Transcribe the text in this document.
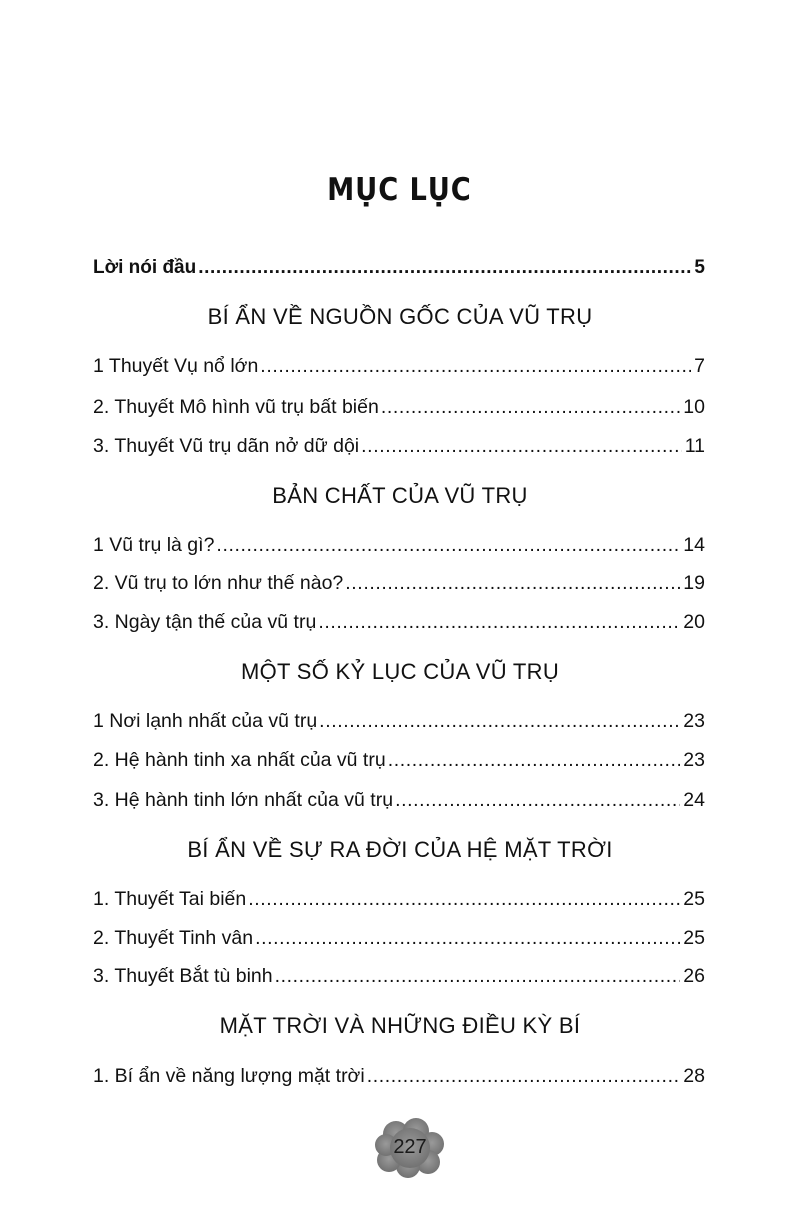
MỤC LỤC
Lời nói đầu .....	5
BÍ ẨN VỀ NGUỒN GỐC CỦA VŨ TRỤ
1 Thuyết Vụ nổ lớn .....	7
2. Thuyết Mô hình vũ trụ bất biến .....	10
3. Thuyết Vũ trụ dãn nở dữ dội .....	11
BẢN CHẤT CỦA VŨ TRỤ
1 Vũ trụ là gì? .....	14
2. Vũ trụ to lớn như thế nào? .....	19
3. Ngày tận thế của vũ trụ .....	20
MỘT SỐ KỶ LỤC CỦA VŨ TRỤ
1 Nơi lạnh nhất của vũ trụ .....	23
2. Hệ hành tinh xa nhất của vũ trụ .....	23
3. Hệ hành tinh lớn nhất của vũ trụ .....	24
BÍ ẨN VỀ SỰ RA ĐỜI CỦA HỆ MẶT TRỜI
1. Thuyết Tai biến .....	25
2. Thuyết Tinh vân .....	25
3. Thuyết Bắt tù binh .....	26
MẶT TRỜI VÀ NHỮNG ĐIỀU KỲ BÍ
1. Bí ẩn về năng lượng mặt trời .....	28
227
